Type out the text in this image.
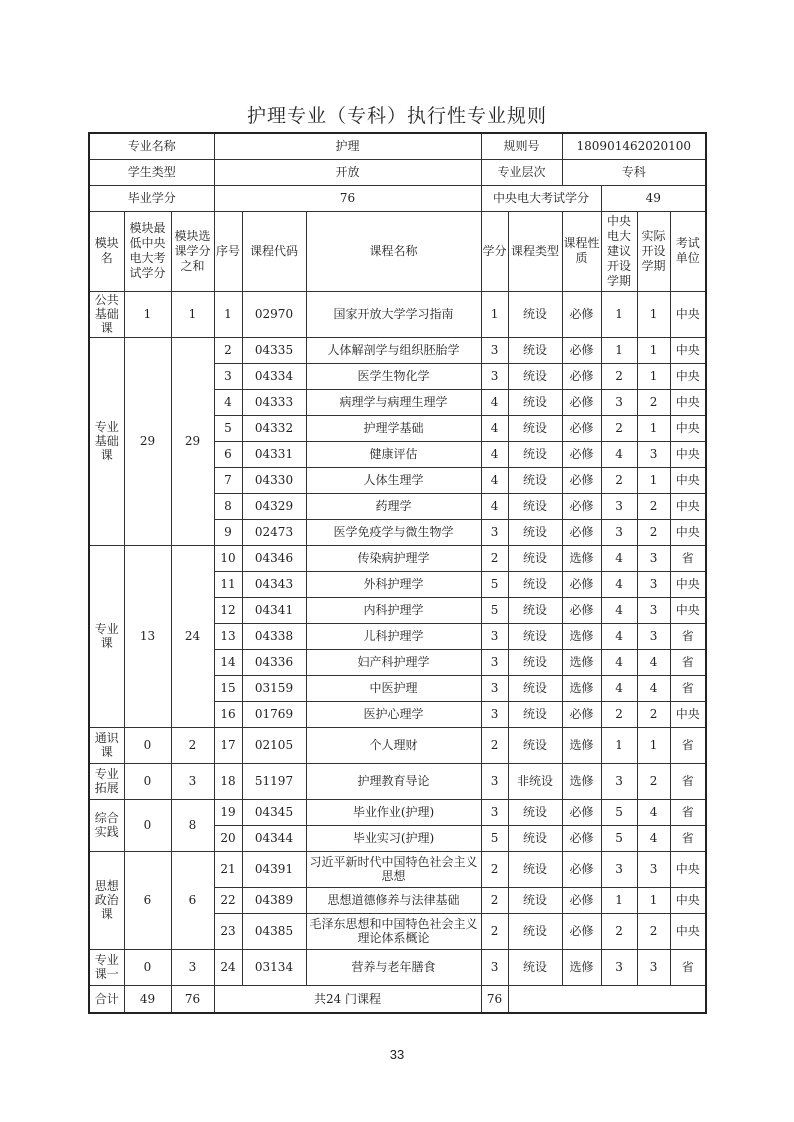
护理专业（专科）执行性专业规则
专业名称			护理			规则号		180901462020100			
学生类型			开放			专业层次		专科			
毕业学分			76			中央电大考试学分			49		
模块名	模块最低中央电大考试学分	模块选课学分之和	序号	课程代码	课程名称	学分	课程类型	课程性质	中央电大建议开设学期	实际开设学期	考试单位
公共基础课	1	1	1	02970	国家开放大学学习指南	1	统设	必修	1	1	中央
专业基础课	29	29	2	04335	人体解剖学与组织胚胎学	3	统设	必修	1	1	中央
			3	04334	医学生物化学	3	统设	必修	2	1	中央
			4	04333	病理学与病理生理学	4	统设	必修	3	2	中央
			5	04332	护理学基础	4	统设	必修	2	1	中央
			6	04331	健康评估	4	统设	必修	4	3	中央
			7	04330	人体生理学	4	统设	必修	2	1	中央
			8	04329	药理学	4	统设	必修	3	2	中央
			9	02473	医学免疫学与微生物学	3	统设	必修	3	2	中央
专业课	13	24	10	04346	传染病护理学	2	统设	选修	4	3	省
			11	04343	外科护理学	5	统设	必修	4	3	中央
			12	04341	内科护理学	5	统设	必修	4	3	中央
			13	04338	儿科护理学	3	统设	选修	4	3	省
			14	04336	妇产科护理学	3	统设	选修	4	4	省
			15	03159	中医护理	3	统设	选修	4	4	省
			16	01769	医护心理学	3	统设	必修	2	2	中央
通识课	0	2	17	02105	个人理财	2	统设	选修	1	1	省
专业拓展	0	3	18	51197	护理教育导论	3	非统设	选修	3	2	省
综合实践	0	8	19	04345	毕业作业(护理)	3	统设	必修	5	4	省
			20	04344	毕业实习(护理)	5	统设	必修	5	4	省
思想政治课	6	6	21	04391	习近平新时代中国特色社会主义思想	2	统设	必修	3	3	中央
			22	04389	思想道德修养与法律基础	2	统设	必修	1	1	中央
			23	04385	毛泽东思想和中国特色社会主义理论体系概论	2	统设	必修	2	2	中央
专业课一	0	3	24	03134	营养与老年膳食	3	统设	选修	3	3	省
合计	49	76	共24 门课程			76					
33
